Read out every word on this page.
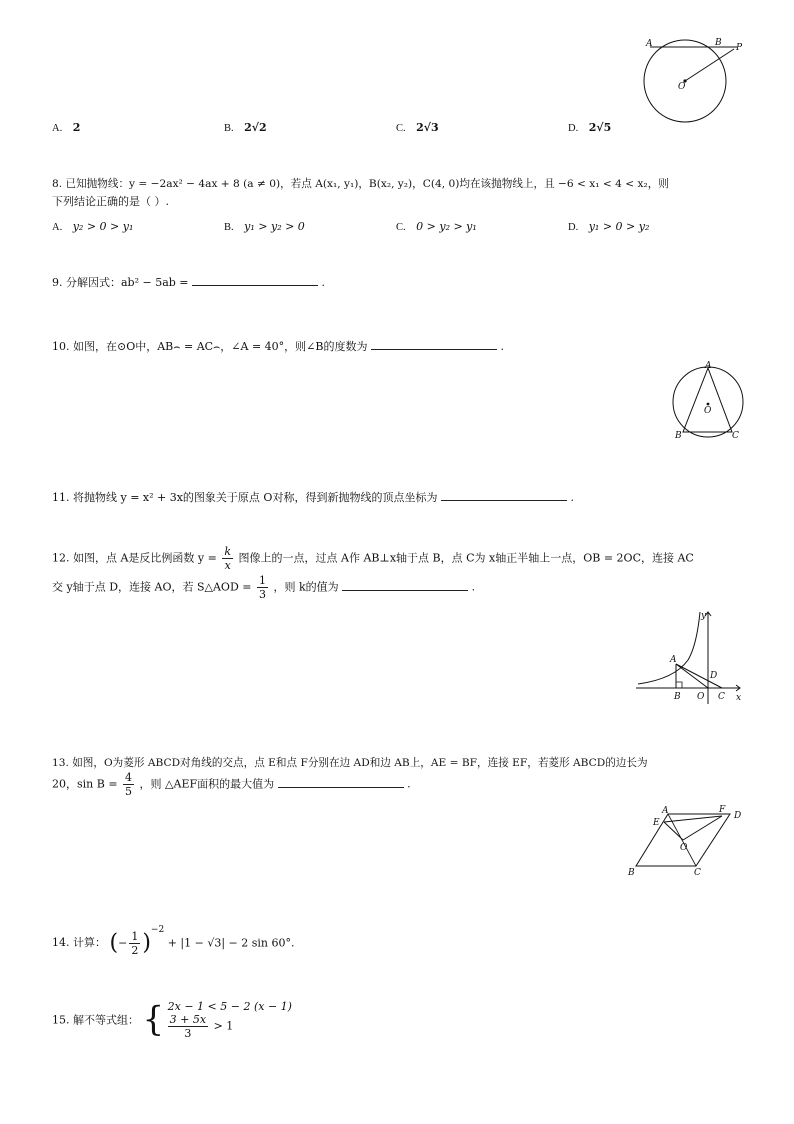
A	B P
O
A. 2	B. 2√2	C. 2√3	D. 2√5
8. 已知抛物线：y = −2ax² − 4ax + 8 (a ≠ 0)，若点 A(x₁, y₁)，B(x₂, y₂)，C(4, 0)均在该抛物线上，且 −6 < x₁ < 4 < x₂，则
下列结论正确的是（ ）.
A. y₂ > 0 > y₁	B. y₁ > y₂ > 0	C. 0 > y₂ > y₁	D. y₁ > 0 > y₂
9. 分解因式：ab² − 5ab =	.
10. 如图，在⊙O中，AB⌢ = AC⌢，∠A = 40°，则∠B的度数为	.
A
B	C
O
11. 将抛物线 y = x² + 3x的图象关于原点 O对称，得到新抛物线的顶点坐标为	.
12. 如图，点 A是反比例函数 $y = \frac{k}{x}$ 图像上的一点，过点 A作 AB⊥x轴于点 B，点 C为 x轴正半轴上一点，OB = 2OC，连接 AC
交 y轴于点 D，连接 AO，若 S△AOD = $\frac{1}{3}$ ，则 k的值为	.
A
B O C
D
y
x
13. 如图，O为菱形 ABCD对角线的交点，点 E和点 F分别在边 AD和边 AB上，AE = BF，连接 EF，若菱形 ABCD的边长为
20，$\sin B = \frac{4}{5}$ ，则 △AEF面积的最大值为	.
A
E
F
D
O
B	C
14. 计算： (− $\frac{1}{2} )^{-2} + |1 - √3| - 2$ sin 60°.
15. 解不等式组： { 2x − 1 < 5 − 2 (x − 1)
$\frac{3 + 5x}{3} > 1$
